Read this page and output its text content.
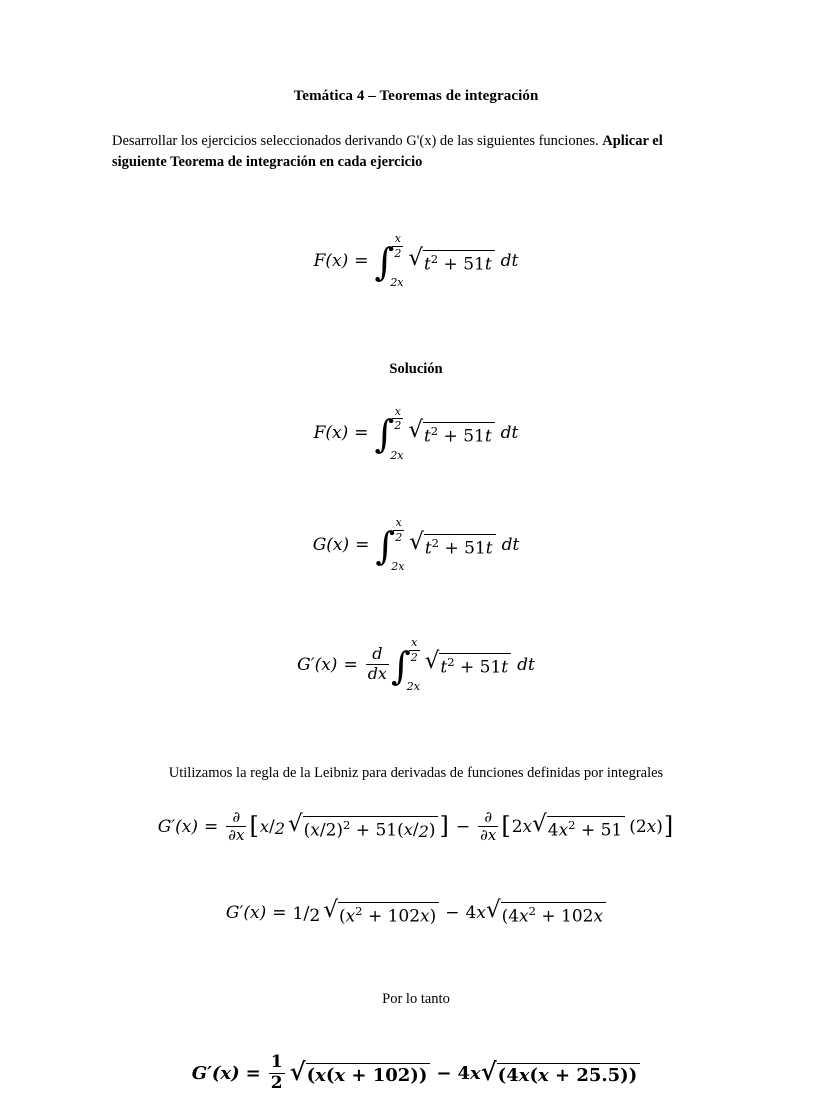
Temática 4 – Teoremas de integración

Desarrollar los ejercicios seleccionados derivando G'(x) de las siguientes funciones. Aplicar el siguiente Teorema de integración en cada ejercicio

F(x) = ∫
$\frac{x}{2}$
2x
√ $t^2 + 51t$ dt

Solución

F(x) = ∫
$\frac{x}{2}$
2x
√ $t^2 + 51t$ dt
G(x) = ∫
$\frac{x}{2}$
2x
√ $t^2 + 51t$ dt
$G'(x) = \frac{d}{dx}$ ∫
$\frac{x}{2}$
2x
√ $t^2 + 51t$ dt

Utilizamos la regla de la Leibniz para derivadas de funciones definidas por integrales

$G'(x) = \frac{\partial}{\partial x}$ [ x/2 √ $(x/2)^2 + 51(x/2)$ ] − $\frac{\partial}{\partial x}$ [ 2 x √ $4x^2 + 51$ (2 x ) ]
G′(x) = 1/2 √ $(x^2 + 102x) - 4$ x √ ($4x^2 + 102x$

Por lo tanto

$G'(x) = \frac{1}{2}$ √ (x(x + 102)) − 4 x √ (4x(x + 25.5))
